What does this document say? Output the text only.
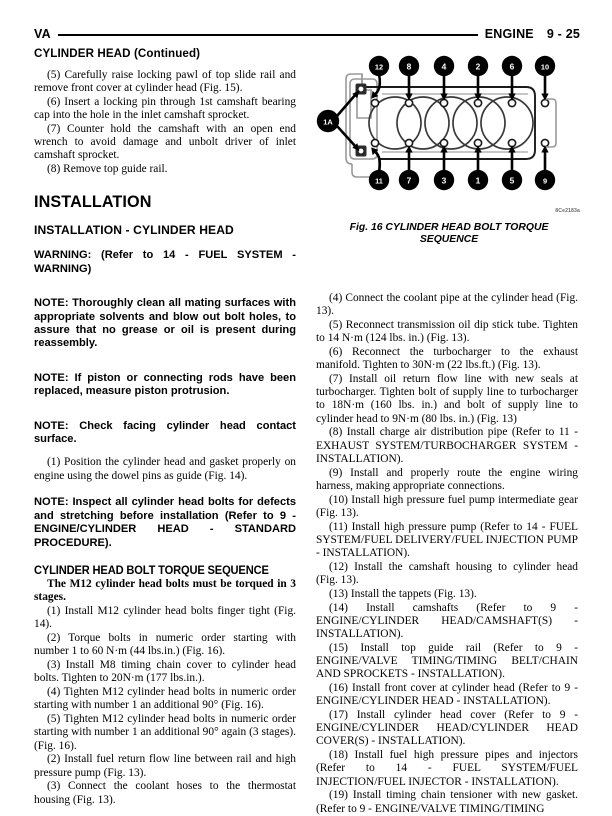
VA	ENGINE 9 - 25
CYLINDER HEAD (Continued)

(5) Carefully raise locking pawl of top slide rail and remove front cover at cylinder head (Fig. 15).

(6) Insert a locking pin through 1st camshaft bearing cap into the hole in the inlet camshaft sprocket.

(7) Counter hold the camshaft with an open end wrench to avoid damage and unbolt driver of inlet camshaft sprocket.

(8) Remove top guide rail.

INSTALLATION
INSTALLATION - CYLINDER HEAD

WARNING: (Refer to 14 - FUEL SYSTEM - WARNING)

NOTE: Thoroughly clean all mating surfaces with appropriate solvents and blow out bolt holes, to assure that no grease or oil is present during reassembly.

NOTE: If piston or connecting rods have been replaced, measure piston protrusion.

NOTE: Check facing cylinder head contact surface.

(1) Position the cylinder head and gasket properly on engine using the dowel pins as guide (Fig. 14).

NOTE: Inspect all cylinder head bolts for defects and stretching before installation (Refer to 9 - ENGINE/CYLINDER HEAD - STANDARD PROCEDURE).

CYLINDER HEAD BOLT TORQUE SEQUENCE

The M12 cylinder head bolts must be torqued in 3 stages.

(1) Install M12 cylinder head bolts finger tight (Fig. 14).

(2) Torque bolts in numeric order starting with number 1 to 60 N·m (44 lbs.in.) (Fig. 16).

(3) Install M8 timing chain cover to cylinder head bolts. Tighten to 20N·m (177 lbs.in.).

(4) Tighten M12 cylinder head bolts in numeric order starting with number 1 an additional 90° (Fig. 16).

(5) Tighten M12 cylinder head bolts in numeric order starting with number 1 an additional 90° again (3 stages). (Fig. 16).

(2) Install fuel return flow line between rail and high pressure pump (Fig. 13).

(3) Connect the coolant hoses to the thermostat housing (Fig. 13).

12	8	4	2	6	10
11	7	3	1	5	9
1A
8Ce2183a
Fig. 16 CYLINDER HEAD BOLT TORQUE SEQUENCE

(4) Connect the coolant pipe at the cylinder head (Fig. 13).

(5) Reconnect transmission oil dip stick tube. Tighten to 14 N·m (124 lbs. in.) (Fig. 13).

(6) Reconnect the turbocharger to the exhaust manifold. Tighten to 30N·m (22 lbs.ft.) (Fig. 13).

(7) Install oil return flow line with new seals at turbocharger. Tighten bolt of supply line to turbocharger to 18N·m (160 lbs. in.) and bolt of supply line to cylinder head to 9N·m (80 lbs. in.) (Fig. 13)

(8) Install charge air distribution pipe (Refer to 11 - EXHAUST SYSTEM/TURBOCHARGER SYSTEM - INSTALLATION).

(9) Install and properly route the engine wiring harness, making appropriate connections.

(10) Install high pressure fuel pump intermediate gear (Fig. 13).

(11) Install high pressure pump (Refer to 14 - FUEL SYSTEM/FUEL DELIVERY/FUEL INJECTION PUMP - INSTALLATION).

(12) Install the camshaft housing to cylinder head (Fig. 13).

(13) Install the tappets (Fig. 13).

(14) Install camshafts (Refer to 9 - ENGINE/CYLINDER HEAD/CAMSHAFT(S) - INSTALLATION).

(15) Install top guide rail (Refer to 9 - ENGINE/VALVE TIMING/TIMING BELT/CHAIN AND SPROCKETS - INSTALLATION).

(16) Install front cover at cylinder head (Refer to 9 - ENGINE/CYLINDER HEAD - INSTALLATION).

(17) Install cylinder head cover (Refer to 9 - ENGINE/CYLINDER HEAD/CYLINDER HEAD COVER(S) - INSTALLATION).

(18) Install fuel high pressure pipes and injectors (Refer to 14 - FUEL SYSTEM/FUEL INJECTION/FUEL INJECTOR - INSTALLATION).

(19) Install timing chain tensioner with new gasket. (Refer to 9 - ENGINE/VALVE TIMING/TIMING
